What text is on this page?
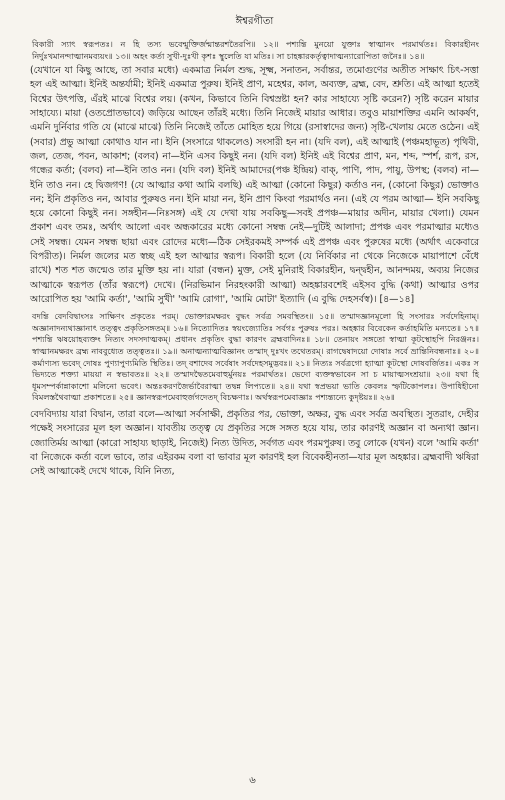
ঈশ্বরগীতা
বিকারী স্যাৎ স্বরূপতঃ। ন হি তস্য ভবেন্মুক্তির্জন্মান্তরশতৈরপি॥ ১২॥ পশ্যন্তি মুনয়ো যুক্তাঃ স্বাত্মানং পরমার্থতঃ। বিকারহীনং নির্দুঃখমানন্দাত্মানমব্যয়ং॥ ১৩॥ অহং কর্তা সুখী-দুঃখী কৃশঃ স্থুলেতি যা মতিঃ। সা চাহঙ্কারকর্তৃত্বাদাত্মন্যারোপিতা জনৈঃ॥ ১৪॥
(যেখানে যা কিছু আছে, তা সবার মধ্যে) একমাত্র নির্মল শুদ্ধ, সূক্ষ্ম, সনাতন, সর্বান্তর, তমোগুণের অতীত সাক্ষাৎ চিৎ-সত্তা হল এই আত্মা। ইনিই অন্তর্যামী; ইনিই একমাত্র পুরুষ। ইনিই প্রাণ, মহেশ্বর, কাল, অব্যক্ত, ব্রহ্ম, বেদ, শ্রুতি। এই আত্মা হতেই বিশ্বের উৎপত্তি, এঁরই মাঝে বিশ্বের লয়। (কখন, কিভাবে তিনি বিশ্বস্রষ্টা হন? কার সাহায্যে সৃষ্টি করেন?) সৃষ্টি করেন মায়ার সাহায্যে। মায়া (ওতপ্রোতভাবে) জড়িয়ে আছেন তাঁরই মধ্যে। তিনি নিজেই মায়ার আধার। তবুও মায়াশক্তির এমনি আকর্ষণ, এমনি দুর্নিবার গতি যে (মাঝে মাঝে) তিনি নিজেই তাঁতে মোহিত হয়ে গিয়ে (রসাস্বাদের জন্য) সৃষ্টি-খেলায় মেতে ওঠেন। এই (সবার) প্রভু আত্মা কোথাও যান না। ইনি (সংসারে থাকলেও) সংসারী হন না। (যদি বল), এই আত্মাই (পঞ্চমহাভূত) পৃথিবী, জল, তেজ, পবন, আকাশ; (বলব) না—ইনি এসব কিছুই নন। (যদি বল) ইনিই এই বিশ্বের প্রাণ, মন, শব্দ, স্পর্শ, রূপ, রস, গন্ধের কর্তা; (বলব) না—ইনি তাও নন। (যদি বল) ইনিই আমাদের(পঞ্চ ইন্দ্রিয়) বাক্, পাণি, পাদ, পায়ু, উপস্থ; (বলব) না—ইনি তাও নন। হে দ্বিজগণ! (যে আত্মার কথা আমি বলছি) এই আত্মা (কোনো কিছুর) কর্তাও নন, (কোনো কিছুর) ভোক্তাও নন; ইনি প্রকৃতিও নন, আবার পুরুষও নন। ইনি মায়া নন, ইনি প্রাণ কিংবা পরমার্থও নন। (এই যে পরম আত্মা— ইনি সবকিছু হয়ে কোনো কিছুই নন। সঙ্গহীন—নিঃসঙ্গ) এই যে দেখা যায় সবকিছু—সবই প্রপঞ্চ—মায়ার অদীন, মায়ার খেলা।) যেমন প্রকাশ এবং তমঃ, অর্থাৎ আলো এবং অন্ধকারের মধ্যে কোনো সম্বন্ধ নেই—দুটিই আলাদা; প্রপঞ্চ এবং পরমাত্মার মধ্যেও সেই সম্বন্ধ। যেমন সম্বন্ধ ছায়া এবং রোদের মধ্যে—ঠিক সেইরকমই সম্পর্ক এই প্রপঞ্চ এবং পুরুষের মধ্যে (অর্থাৎ একেবারে বিপরীত)। নির্মল জলের মত স্বচ্ছ এই হল আত্মার স্বরূপ। বিকারী হলে (যে নির্বিকার না থেকে নিজেকে মায়াপাশে বেঁধে রাখে) শত শত জন্মেও তার মুক্তি হয় না। যারা (বন্ধন) মুক্ত, সেই মুনিরাই বিকারহীন, দ্বন্দ্বহীন, আনন্দময়, অব্যয় নিজের আত্মাকে স্বরূপত (তাঁর স্বরূপে) দেখে। (নিরভিমান নিরহংকারী আত্মা) অহঙ্কারবশেই এইসব বুদ্ধি (কথা) আত্মার ওপর আরোপিত হয় 'আমি কর্তা', 'আমি সুখী' 'আমি রোগা', 'আমি মোটা' ইত্যাদি (এ বুদ্ধি দেহসর্বস্ব)। [৪—১৪]
বদন্তি বেদবিদ্বাংসঃ সাক্ষিণং প্রকৃতেঃ পরম্। ভোক্তারমক্ষরং বুদ্ধং সর্বত্র সমবস্থিতং॥ ১৫॥ তস্মাদজ্ঞানমূলো হি সংসারঃ সর্বদেহিনাম্। অজ্ঞানাদন্যথাজ্ঞানাৎ তত্ত্বং প্রকৃতিসঙ্গতম্॥ ১৬॥ নিত্যোদিতঃ স্বয়ংজ্যোতিঃ সর্বগঃ পুরুষঃ পরঃ। অহঙ্কার বিবেকেন কর্তাহমিতি মন্যতে॥ ১৭॥ পশ্যন্তি ঋষয়োহব্যক্তং নিত্যং সদসদাত্মকম্। প্রধানং প্রকৃতিং বুদ্ধা কারণং ব্রহ্মবাদিনঃ॥ ১৮॥ তেনায়ং সঙ্গতো স্বাত্মা কূটস্থোহপি নিরঞ্জনঃ। স্বাত্মানমক্ষরং ব্রহ্ম নাববুধ্যেত তত্ত্বতঃ॥ ১৯॥ অনাত্মন্যাত্মবিজ্ঞানং তস্মাদ্ দুঃখং তথেতরম্। রাগদ্বেষাদয়ো দোষাঃ সর্বে ভ্রান্তিনিবন্ধনাঃ॥ ২০॥ কর্মাণ্যস্য ভবেদ্ দোষঃ পুণ্যাপুণ্যমিতি স্থিতিঃ। তদ্ বশাদেব সর্বেষাং সর্বদেহসমুদ্ভবঃ॥ ২১॥ নিত্যঃ সর্বত্রগো হ্যাত্মা কূটস্থো দোষবর্জিতঃ। একঃ স ভিদ্যতে শক্ত্যা মায়য়া ন স্বভাবতঃ॥ ২২॥ তস্মাদদ্বৈতমেবাহুর্মুনয়ঃ পরমার্থতঃ। ভেদো ব্যক্তস্বভাবেন সা চ মায়াত্মসংশ্রয়া॥ ২৩॥ যথা হি ধূমসম্পর্কান্নাকাশো মলিনো ভবেৎ। অন্তঃকরণজৈর্ভাবৈরাত্মা তদ্বন্ন লিপ্যতে॥ ২৪॥ যথা স্বপ্রভয়া ভাতি কেবলঃ স্ফটিকোপলঃ। উপাধিহীনো বিমলস্তথৈবাত্মা প্রকাশতে॥ ২৫॥ জ্ঞানস্বরূপমেবাহুর্জগদেতদ্ বিচক্ষণাঃ। অর্থস্বরূপমেবাজ্ঞাঃ পশ্যন্ত্যন্যে কুদৃষ্টয়ঃ॥ ২৬॥
বেদবিদ্যায় যারা বিদ্বান, তারা বলে—আত্মা সর্বসাক্ষী, প্রকৃতির পর, ভোক্তা, অক্ষর, বুদ্ধ এবং সর্বত্র অবস্থিত। সুতরাং, দেহীর পক্ষেই সংসারের মূল হল অজ্ঞান। যাবতীয় তত্ত্ব যে প্রকৃতির সঙ্গে সঙ্গত হয়ে যায়, তার কারণই অজ্ঞান বা অন্যথা জ্ঞান। জ্যোতির্ময় আত্মা (কারো সাহায্য ছাড়াই, নিজেই) নিত্য উদিত, সর্বগত এবং পরমপুরুষ। তবু লোকে (যখন) বলে 'আমি কর্তা' বা নিজেকে কর্তা বলে ভাবে, তার এইরকম বলা বা ভাবার মূল কারণই হল বিবেকহীনতা—যার মূল অহঙ্কার। ব্রহ্মবাদী ঋষিরা সেই আত্মাকেই দেখে থাকে, যিনি নিত্য,
৬
